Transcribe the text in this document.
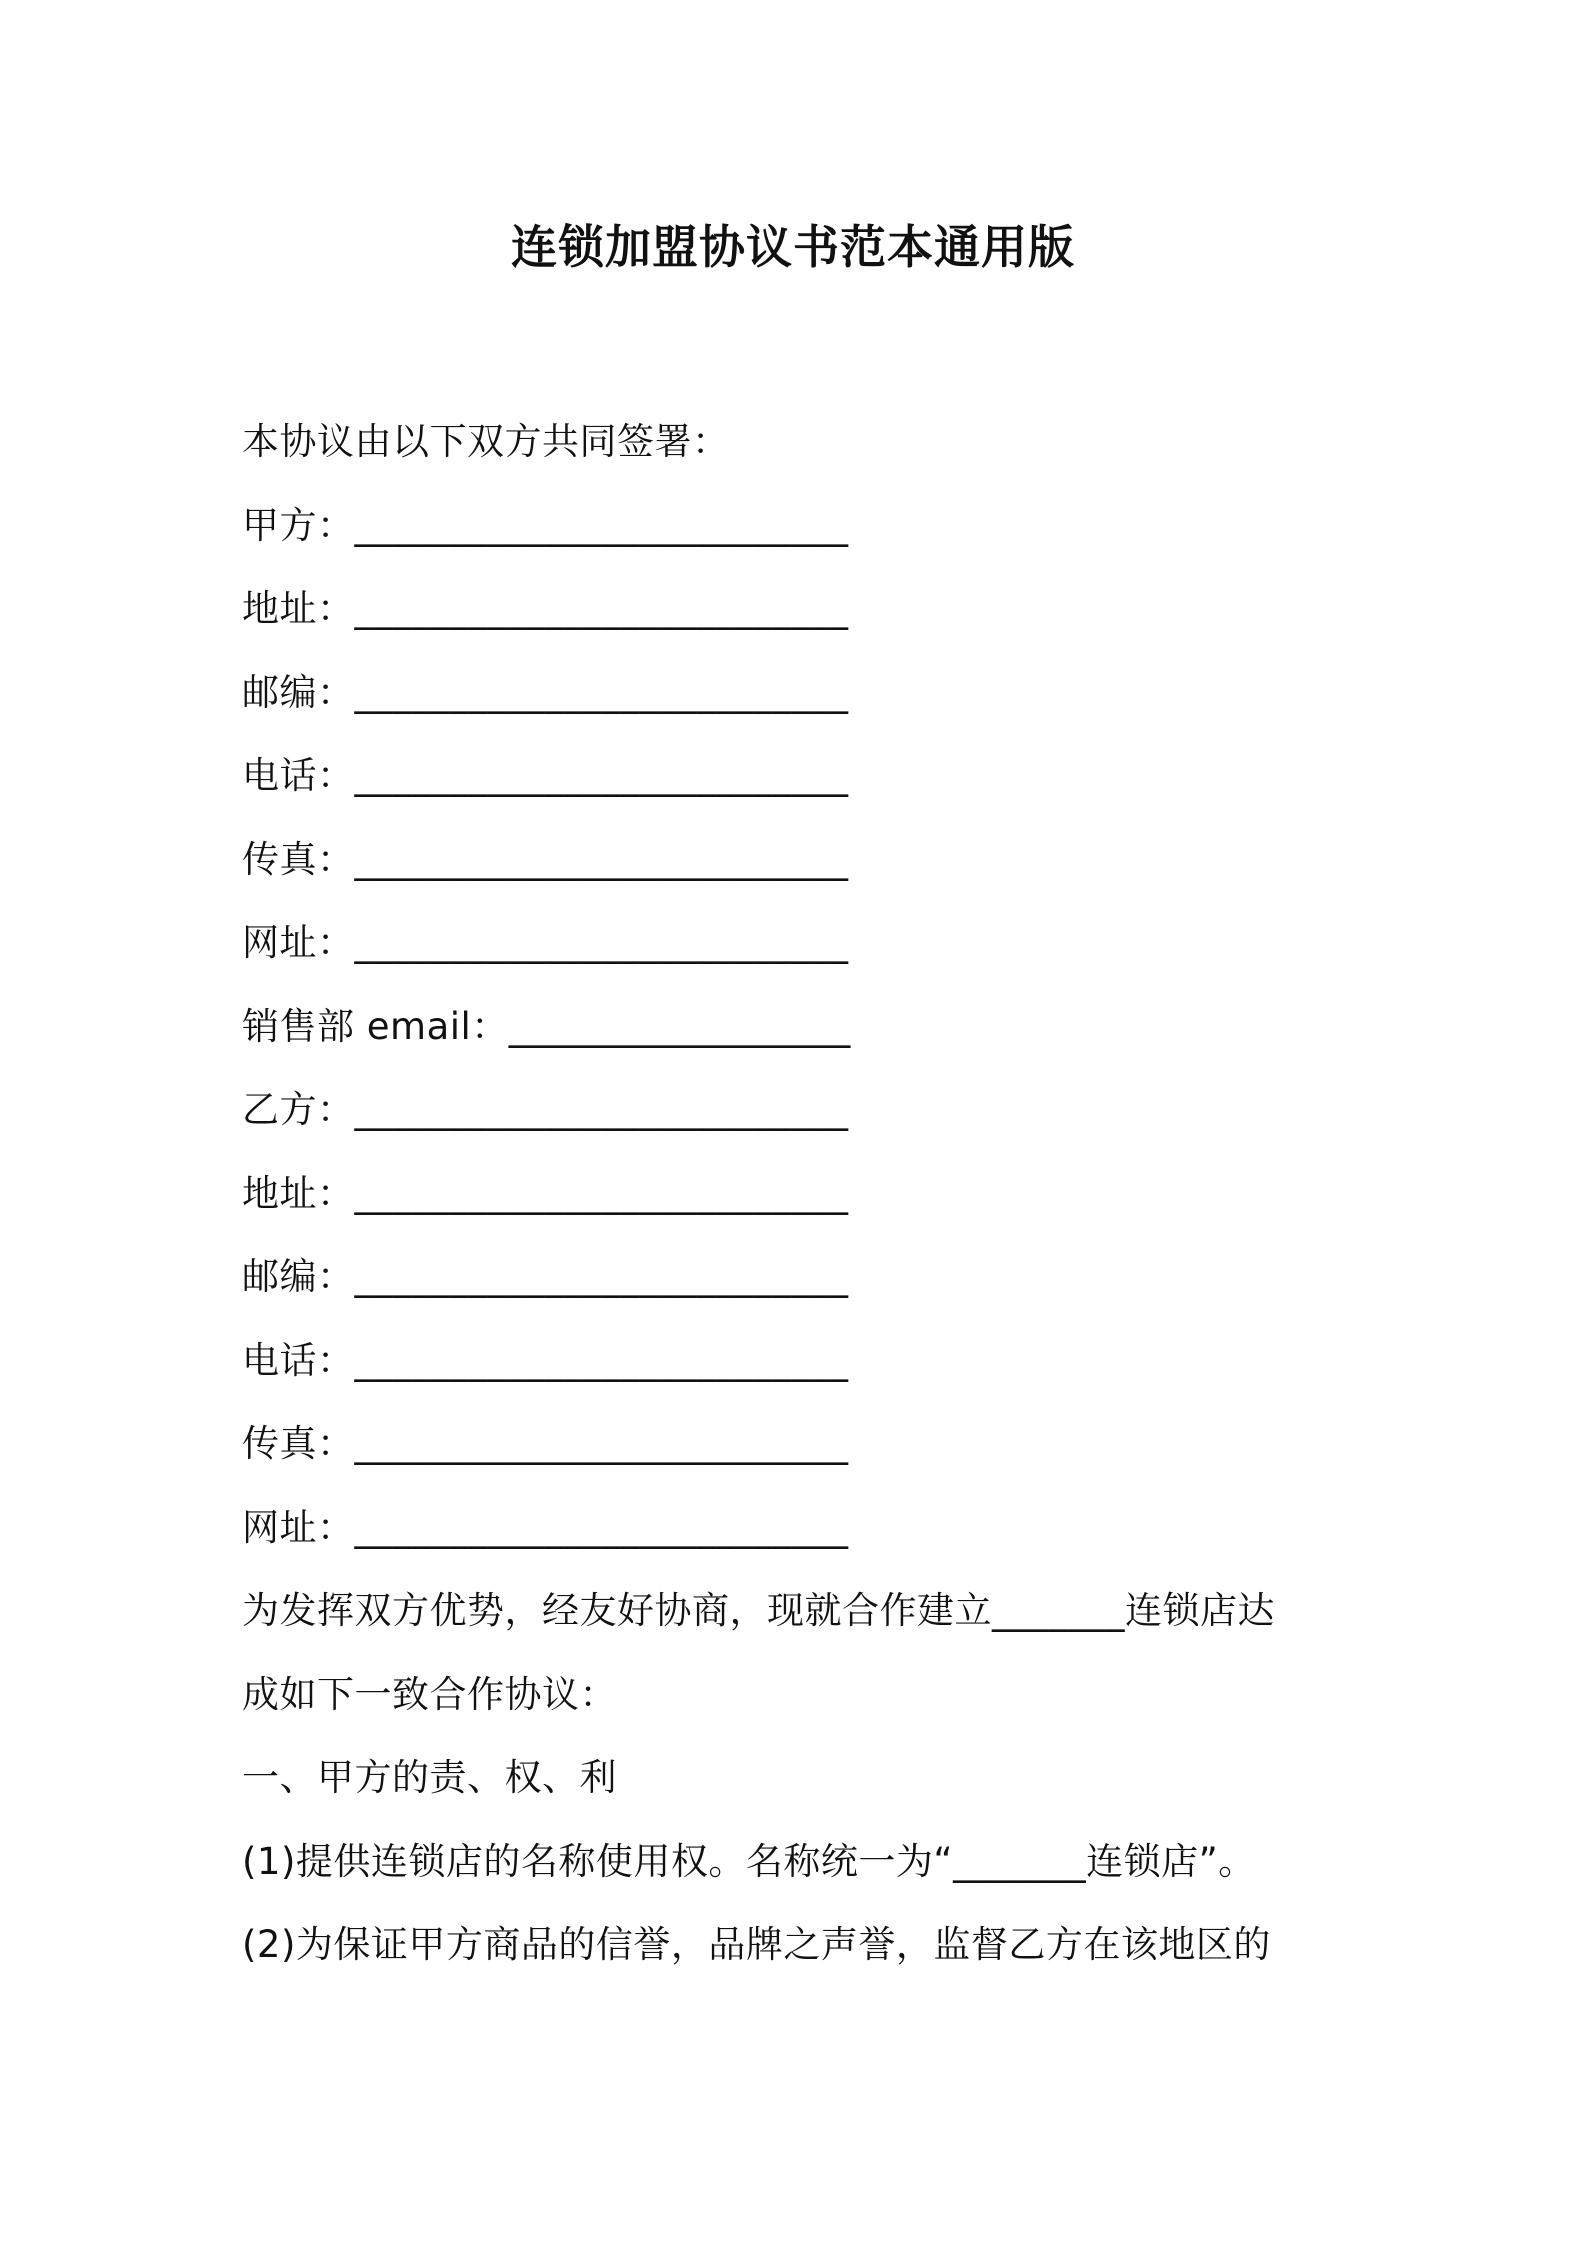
连锁加盟协议书范本通用版
本协议由以下双方共同签署：
甲方：__________________________
地址：__________________________
邮编：__________________________
电话：__________________________
传真：__________________________
网址：__________________________
销售部 email：__________________
乙方：__________________________
地址：__________________________
邮编：__________________________
电话：__________________________
传真：__________________________
网址：__________________________
为发挥双方优势，经友好协商，现就合作建立_______连锁店达
成如下一致合作协议：
一、甲方的责、权、利
(1)提供连锁店的名称使用权。名称统一为“_______连锁店”。
(2)为保证甲方商品的信誉，品牌之声誉，监督乙方在该地区的
